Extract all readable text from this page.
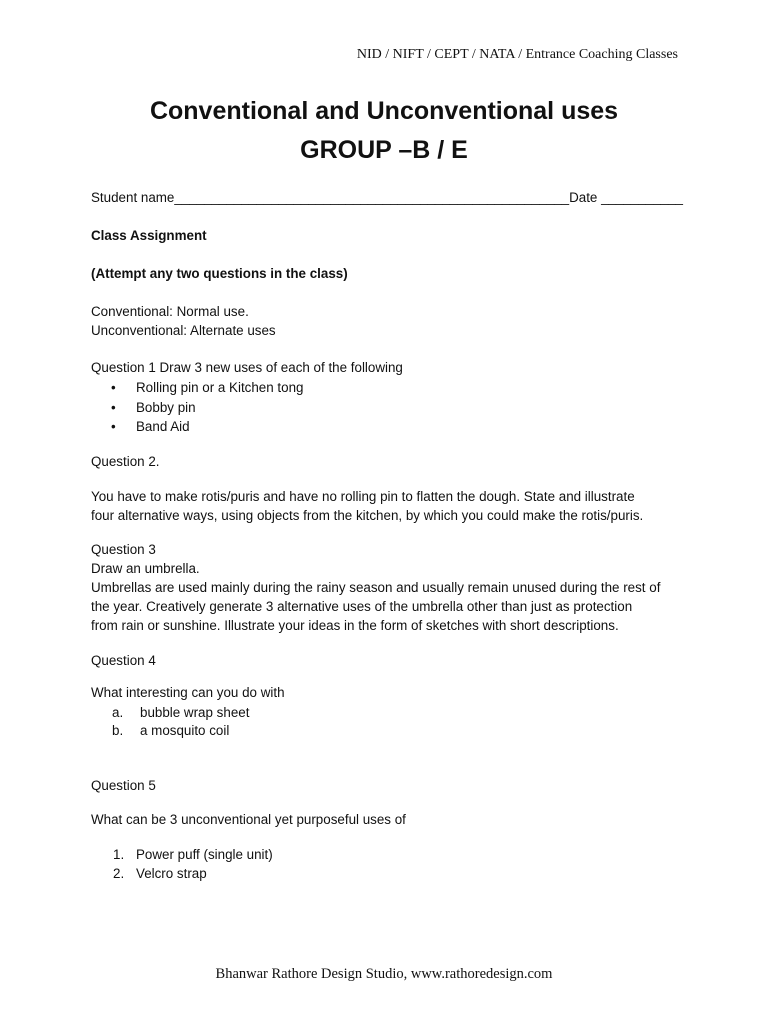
NID / NIFT / CEPT / NATA / Entrance Coaching Classes
Conventional and Unconventional uses
GROUP –B / E
Student name_____________________________________________________Date ___________
Class Assignment
(Attempt any two questions in the class)
Conventional: Normal use.
Unconventional: Alternate uses
Question 1 Draw 3 new uses of each of the following
• Rolling pin or a Kitchen tong
• Bobby pin
• Band Aid
Question 2.
You have to make rotis/puris and have no rolling pin to flatten the dough. State and illustrate
four alternative ways, using objects from the kitchen, by which you could make the rotis/puris.
Question 3
Draw an umbrella.
Umbrellas are used mainly during the rainy season and usually remain unused during the rest of
the year. Creatively generate 3 alternative uses of the umbrella other than just as protection
from rain or sunshine. Illustrate your ideas in the form of sketches with short descriptions.
Question 4
What interesting can you do with
a. bubble wrap sheet
b. a mosquito coil
Question 5
What can be 3 unconventional yet purposeful uses of
1. Power puff (single unit)
2. Velcro strap
Bhanwar Rathore Design Studio, www.rathoredesign.com
